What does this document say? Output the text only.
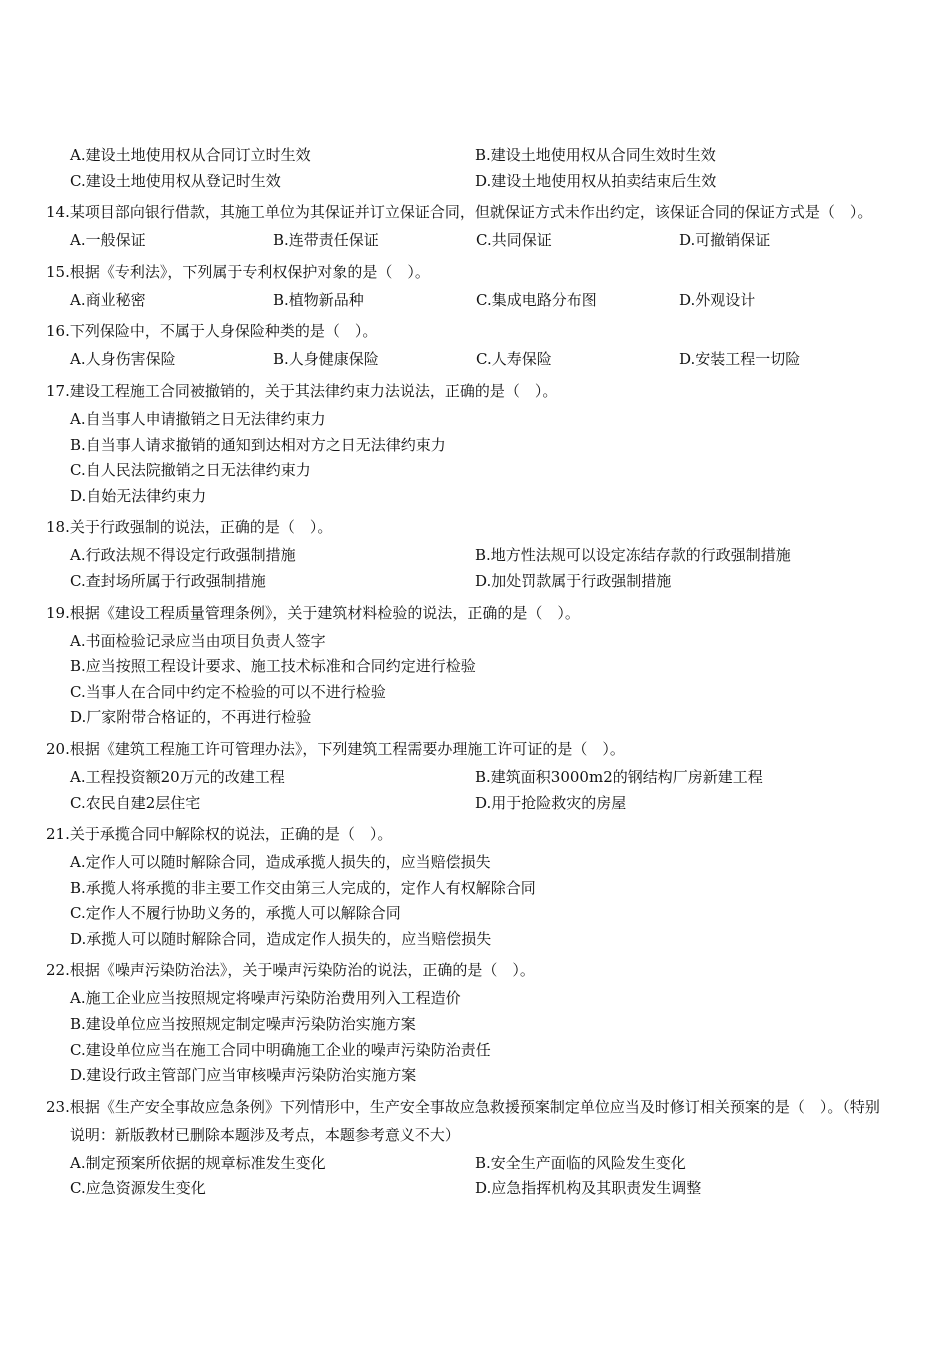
A.建设土地使用权从合同订立时生效	B.建设土地使用权从合同生效时生效
C.建设土地使用权从登记时生效	D.建设土地使用权从拍卖结束后生效
14. 某项目部向银行借款，其施工单位为其保证并订立保证合同，但就保证方式未作出约定，该保证合同的保证方式是（　）。
A.一般保证	B.连带责任保证	C.共同保证	D.可撤销保证
15. 根据《专利法》，下列属于专利权保护对象的是（　）。
A.商业秘密	B.植物新品种	C.集成电路分布图	D.外观设计
16. 下列保险中，不属于人身保险种类的是（　）。
A.人身伤害保险	B.人身健康保险	C.人寿保险	D.安装工程一切险
17. 建设工程施工合同被撤销的，关于其法律约束力法说法，正确的是（　）。
A.自当事人申请撤销之日无法律约束力
B.自当事人请求撤销的通知到达相对方之日无法律约束力
C.自人民法院撤销之日无法律约束力
D.自始无法律约束力
18. 关于行政强制的说法，正确的是（　）。
A.行政法规不得设定行政强制措施	B.地方性法规可以设定冻结存款的行政强制措施
C.查封场所属于行政强制措施	D.加处罚款属于行政强制措施
19. 根据《建设工程质量管理条例》，关于建筑材料检验的说法，正确的是（　）。
A.书面检验记录应当由项目负责人签字
B.应当按照工程设计要求、施工技术标准和合同约定进行检验
C.当事人在合同中约定不检验的可以不进行检验
D.厂家附带合格证的，不再进行检验
20. 根据《建筑工程施工许可管理办法》，下列建筑工程需要办理施工许可证的是（　）。
A.工程投资额20万元的改建工程	B.建筑面积3000m2的钢结构厂房新建工程
C.农民自建2层住宅	D.用于抢险救灾的房屋
21. 关于承揽合同中解除权的说法，正确的是（　）。
A.定作人可以随时解除合同，造成承揽人损失的，应当赔偿损失
B.承揽人将承揽的非主要工作交由第三人完成的，定作人有权解除合同
C.定作人不履行协助义务的，承揽人可以解除合同
D.承揽人可以随时解除合同，造成定作人损失的，应当赔偿损失
22. 根据《噪声污染防治法》，关于噪声污染防治的说法，正确的是（　）。
A.施工企业应当按照规定将噪声污染防治费用列入工程造价
B.建设单位应当按照规定制定噪声污染防治实施方案
C.建设单位应当在施工合同中明确施工企业的噪声污染防治责任
D.建设行政主管部门应当审核噪声污染防治实施方案
23. 根据《生产安全事故应急条例》下列情形中，生产安全事故应急救援预案制定单位应当及时修订相关预案的是（　）。（特别说明：新版教材已删除本题涉及考点，本题参考意义不大）
A.制定预案所依据的规章标准发生变化	B.安全生产面临的风险发生变化
C.应急资源发生变化	D.应急指挥机构及其职责发生调整
